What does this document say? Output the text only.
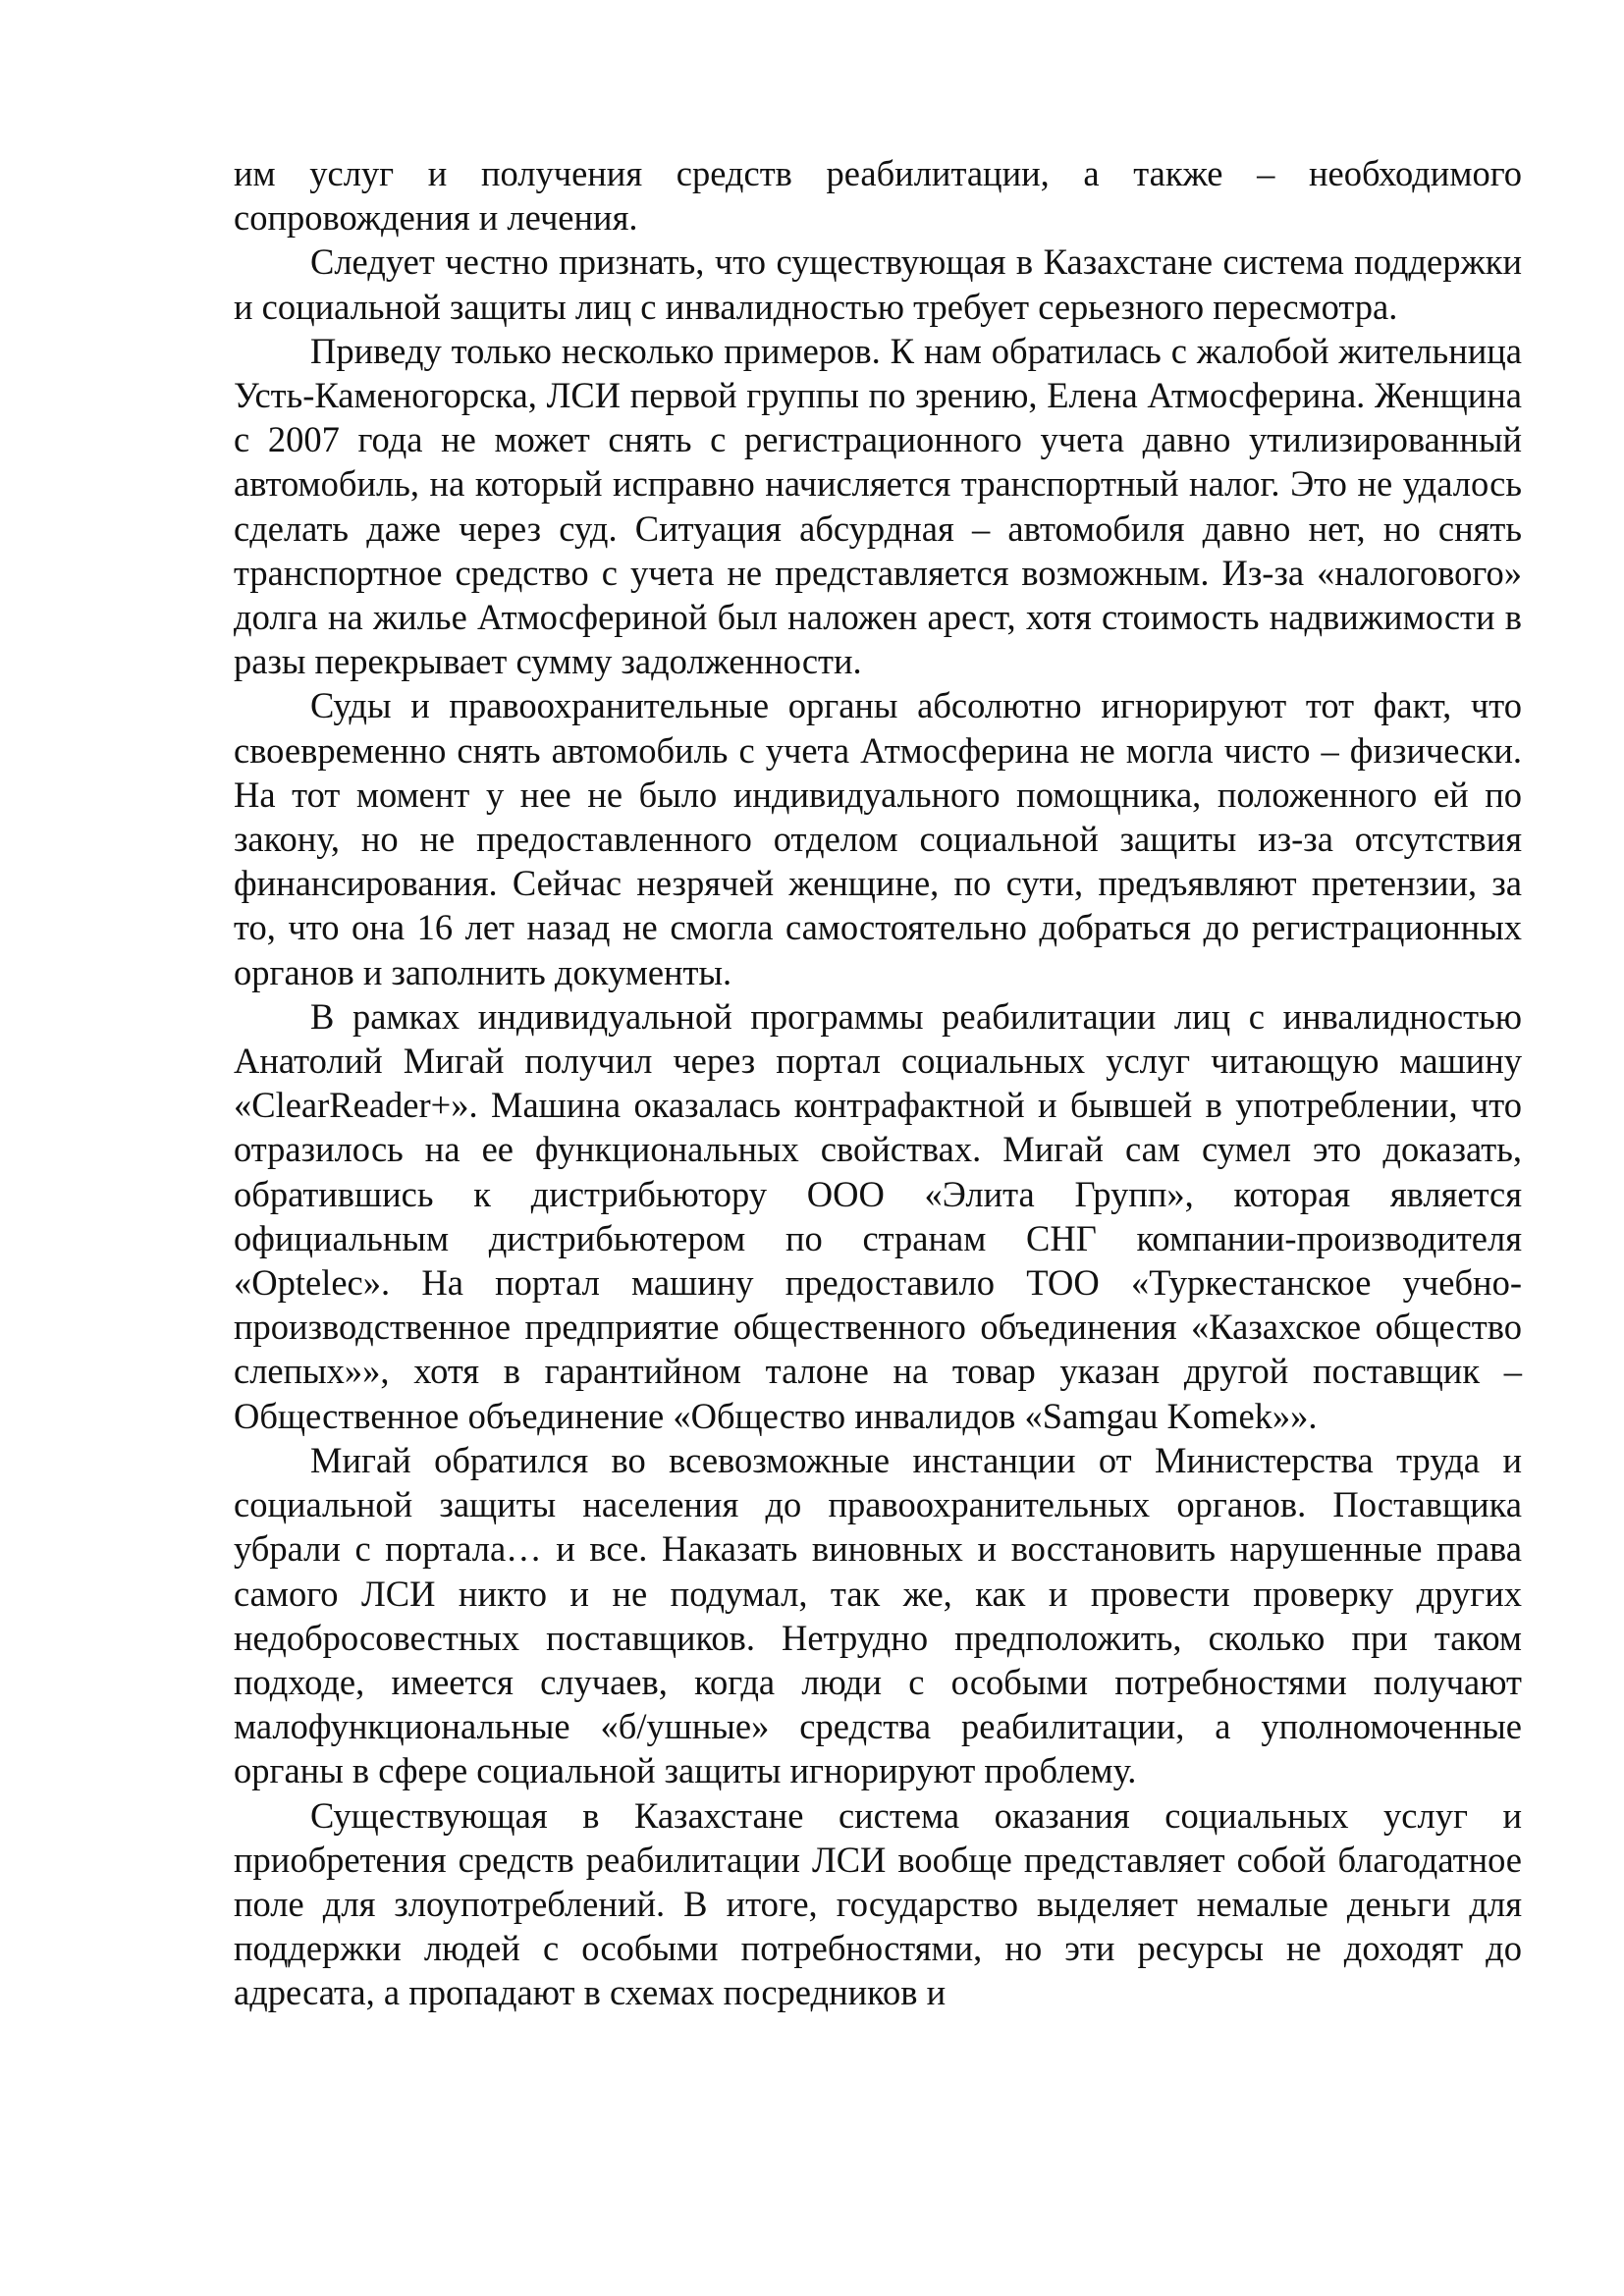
им услуг и получения средств реабилитации, а также – необходимого сопровождения и лечения.

Следует честно признать, что существующая в Казахстане система поддержки и социальной защиты лиц с инвалидностью требует серьезного пересмотра.

Приведу только несколько примеров. К нам обратилась с жалобой жительница Усть-Каменогорска, ЛСИ первой группы по зрению, Елена Атмосферина. Женщина с 2007 года не может снять с регистрационного учета давно утилизированный автомобиль, на который исправно начисляется транспортный налог. Это не удалось сделать даже через суд. Ситуация абсурдная – автомобиля давно нет, но снять транспортное средство с учета не представляется возможным. Из-за «налогового» долга на жилье Атмосфериной был наложен арест, хотя стоимость надвижимости в разы перекрывает сумму задолженности.

Суды и правоохранительные органы абсолютно игнорируют тот факт, что своевременно снять автомобиль с учета Атмосферина не могла чисто – физически. На тот момент у нее не было индивидуального помощника, положенного ей по закону, но не предоставленного отделом социальной защиты из-за отсутствия финансирования. Сейчас незрячей женщине, по сути, предъявляют претензии, за то, что она 16 лет назад не смогла самостоятельно добраться до регистрационных органов и заполнить документы.

В рамках индивидуальной программы реабилитации лиц с инвалидностью Анатолий Мигай получил через портал социальных услуг читающую машину «ClearReader+». Машина оказалась контрафактной и бывшей в употреблении, что отразилось на ее функциональных свойствах. Мигай сам сумел это доказать, обратившись к дистрибьютору ООО «Элита Групп», которая является официальным дистрибьютером по странам СНГ компании-производителя «Optelec». На портал машину предоставило ТОО «Туркестанское учебно-производственное предприятие общественного объединения «Казахское общество слепых»», хотя в гарантийном талоне на товар указан другой поставщик – Общественное объединение «Общество инвалидов «Samgau Komek»».

Мигай обратился во всевозможные инстанции от Министерства труда и социальной защиты населения до правоохранительных органов. Поставщика убрали с портала… и все. Наказать виновных и восстановить нарушенные права самого ЛСИ никто и не подумал, так же, как и провести проверку других недобросовестных поставщиков. Нетрудно предположить, сколько при таком подходе, имеется случаев, когда люди с особыми потребностями получают малофункциональные «б/ушные» средства реабилитации, а уполномоченные органы в сфере социальной защиты игнорируют проблему.

Существующая в Казахстане система оказания социальных услуг и приобретения средств реабилитации ЛСИ вообще представляет собой благодатное поле для злоупотреблений. В итоге, государство выделяет немалые деньги для поддержки людей с особыми потребностями, но эти ресурсы не доходят до адресата, а пропадают в схемах посредников и
